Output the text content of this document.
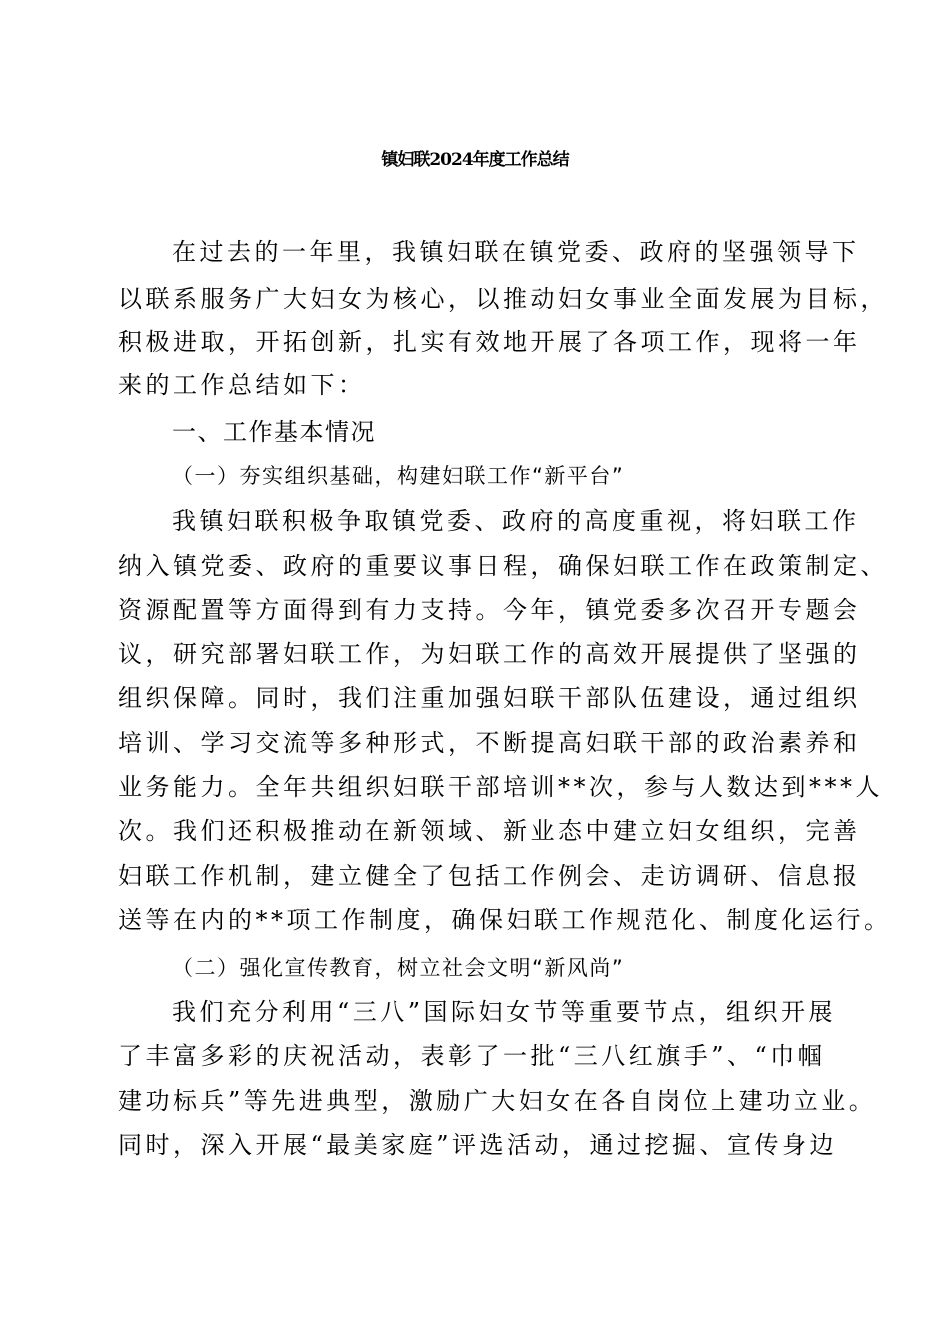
镇妇联2024年度工作总结
在过去的一年里，我镇妇联在镇党委、政府的坚强领导下
以联系服务广大妇女为核心，以推动妇女事业全面发展为目标，
积极进取，开拓创新，扎实有效地开展了各项工作，现将一年
来的工作总结如下：
一、工作基本情况
（一）夯实组织基础，构建妇联工作“新平台”
我镇妇联积极争取镇党委、政府的高度重视，将妇联工作
纳入镇党委、政府的重要议事日程，确保妇联工作在政策制定、
资源配置等方面得到有力支持。今年，镇党委多次召开专题会
议，研究部署妇联工作，为妇联工作的高效开展提供了坚强的
组织保障。同时，我们注重加强妇联干部队伍建设，通过组织
培训、学习交流等多种形式，不断提高妇联干部的政治素养和
业务能力。全年共组织妇联干部培训**次，参与人数达到***人
次。我们还积极推动在新领域、新业态中建立妇女组织，完善
妇联工作机制，建立健全了包括工作例会、走访调研、信息报
送等在内的**项工作制度，确保妇联工作规范化、制度化运行。
（二）强化宣传教育，树立社会文明“新风尚”
我们充分利用“三八”国际妇女节等重要节点，组织开展
了丰富多彩的庆祝活动，表彰了一批“三八红旗手”、“巾帼
建功标兵”等先进典型，激励广大妇女在各自岗位上建功立业。
同时，深入开展“最美家庭”评选活动，通过挖掘、宣传身边
